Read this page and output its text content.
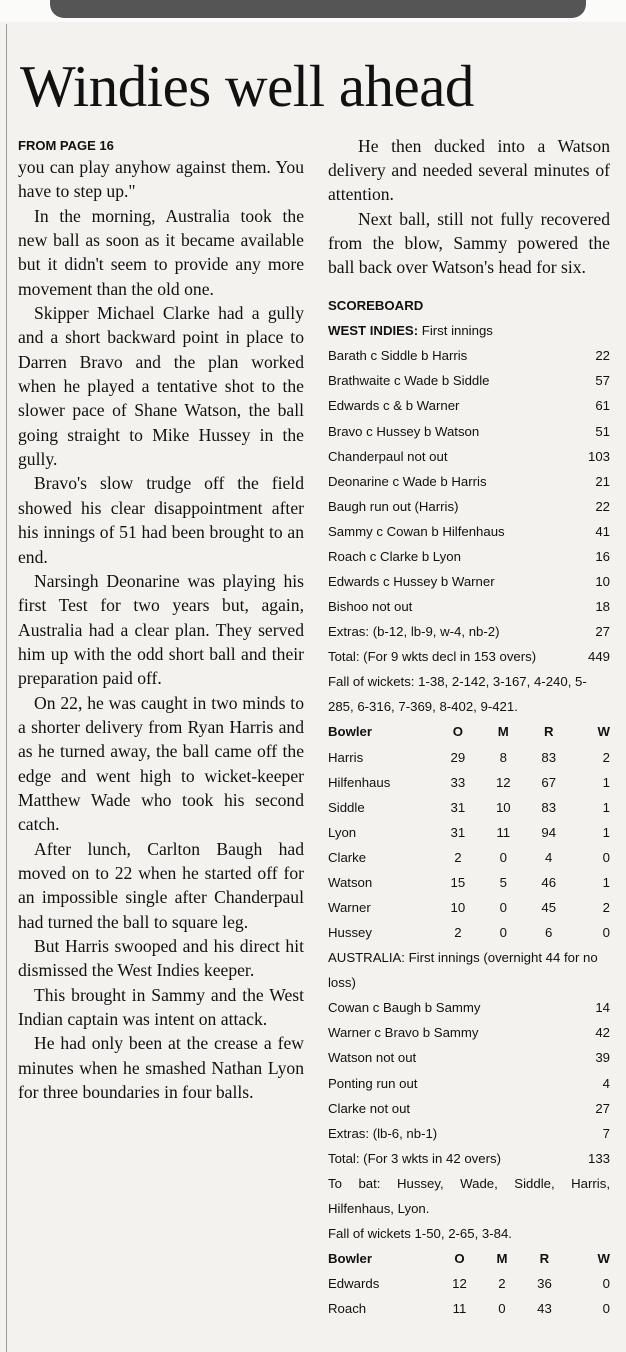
Windies well ahead
FROM PAGE 16

you can play anyhow against them. You have to step up."

In the morning, Australia took the new ball as soon as it became available but it didn't seem to provide any more movement than the old one.

Skipper Michael Clarke had a gully and a short backward point in place to Darren Bravo and the plan worked when he played a tentative shot to the slower pace of Shane Watson, the ball going straight to Mike Hussey in the gully.

Bravo's slow trudge off the field showed his clear disappointment after his innings of 51 had been brought to an end.

Narsingh Deonarine was playing his first Test for two years but, again, Australia had a clear plan. They served him up with the odd short ball and their preparation paid off.

On 22, he was caught in two minds to a shorter delivery from Ryan Harris and as he turned away, the ball came off the edge and went high to wicket-keeper Matthew Wade who took his second catch.

After lunch, Carlton Baugh had moved on to 22 when he started off for an impossible single after Chanderpaul had turned the ball to square leg.

But Harris swooped and his direct hit dismissed the West Indies keeper.

This brought in Sammy and the West Indian captain was intent on attack.

He had only been at the crease a few minutes when he smashed Nathan Lyon for three boundaries in four balls.

He then ducked into a Watson delivery and needed several minutes of attention.

Next ball, still not fully recovered from the blow, Sammy powered the ball back over Watson's head for six.

SCOREBOARD
WEST INDIES: First innings
Barath c Siddle b Harris	22
Brathwaite c Wade b Siddle	57
Edwards c & b Warner	61
Bravo c Hussey b Watson	51
Chanderpaul not out	103
Deonarine c Wade b Harris	21
Baugh run out (Harris)	22
Sammy c Cowan b Hilfenhaus	41
Roach c Clarke b Lyon	16
Edwards c Hussey b Warner	10
Bishoo not out	18
Extras: (b-12, lb-9, w-4, nb-2)	27
Total: (For 9 wkts decl in 153 overs)	449
Fall of wickets: 1-38, 2-142, 3-167, 4-240, 5-285, 6-316, 7-369, 8-402, 9-421.
Bowler	O	M	R	W
Harris	29	8	83	2
Hilfenhaus	33	12	67	1
Siddle	31	10	83	1
Lyon	31	11	94	1
Clarke	2	0	4	0
Watson	15	5	46	1
Warner	10	0	45	2
Hussey	2	0	6	0
AUSTRALIA: First innings (overnight 44 for no loss)
Cowan c Baugh b Sammy	14
Warner c Bravo b Sammy	42
Watson not out	39
Ponting run out	4
Clarke not out	27
Extras: (lb-6, nb-1)	7
Total: (For 3 wkts in 42 overs)	133
To bat: Hussey, Wade, Siddle, Harris, Hilfenhaus, Lyon.
Fall of wickets 1-50, 2-65, 3-84.
Bowler	O	M	R	W
Edwards	12	2	36	0
Roach	11	0	43	0
